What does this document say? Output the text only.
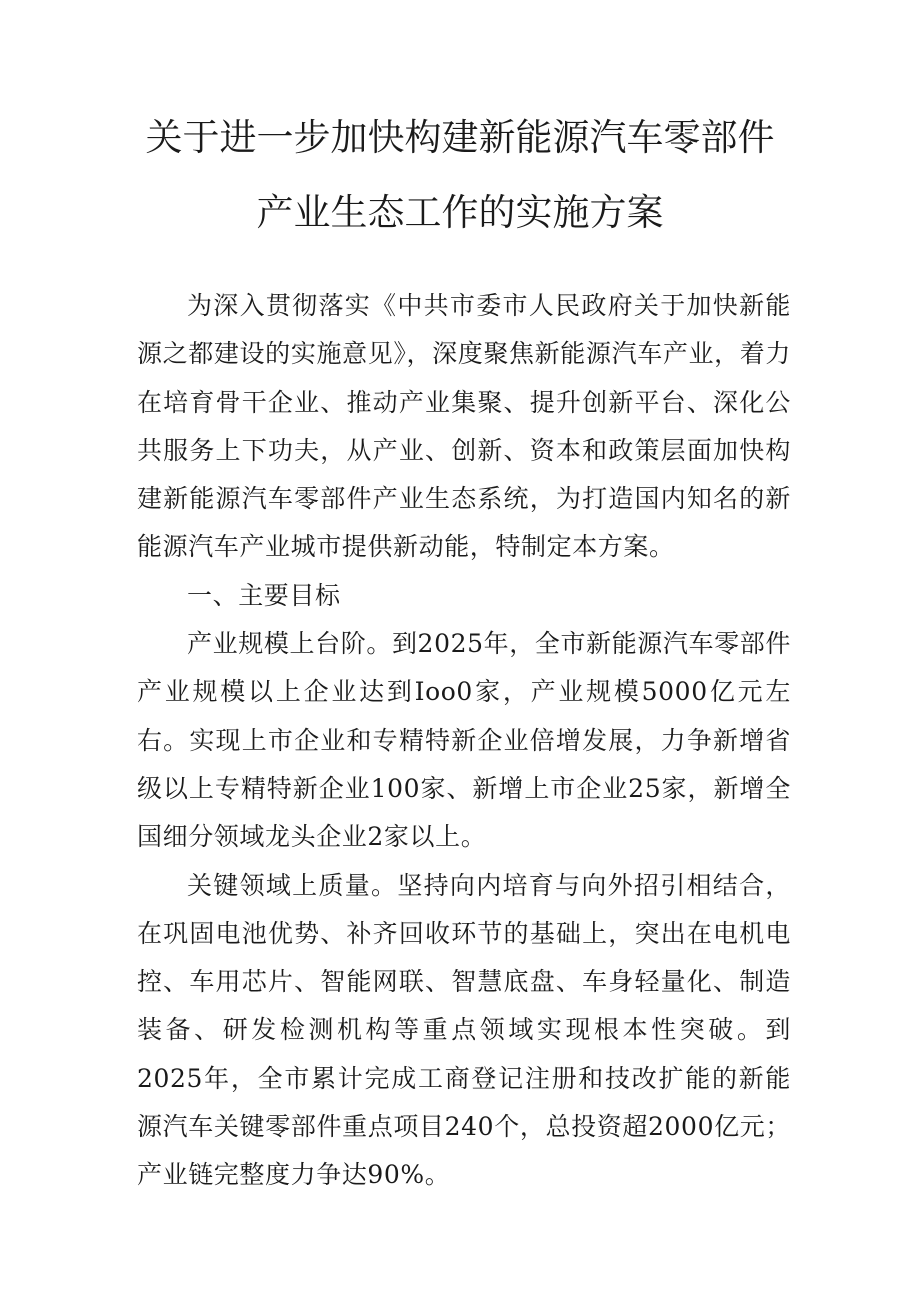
关于进一步加快构建新能源汽车零部件产业生态工作的实施方案

为深入贯彻落实《中共市委市人民政府关于加快新能源之都建设的实施意见》，深度聚焦新能源汽车产业，着力在培育骨干企业、推动产业集聚、提升创新平台、深化公共服务上下功夫，从产业、创新、资本和政策层面加快构建新能源汽车零部件产业生态系统，为打造国内知名的新能源汽车产业城市提供新动能，特制定本方案。

一、主要目标

产业规模上台阶。到2025年，全市新能源汽车零部件产业规模以上企业达到Ioo0家，产业规模5000亿元左右。实现上市企业和专精特新企业倍增发展，力争新增省级以上专精特新企业100家、新增上市企业25家，新增全国细分领域龙头企业2家以上。

关键领域上质量。坚持向内培育与向外招引相结合，在巩固电池优势、补齐回收环节的基础上，突出在电机电控、车用芯片、智能网联、智慧底盘、车身轻量化、制造装备、研发检测机构等重点领域实现根本性突破。到2025年，全市累计完成工商登记注册和技改扩能的新能源汽车关键零部件重点项目240个，总投资超2000亿元；产业链完整度力争达90%。
